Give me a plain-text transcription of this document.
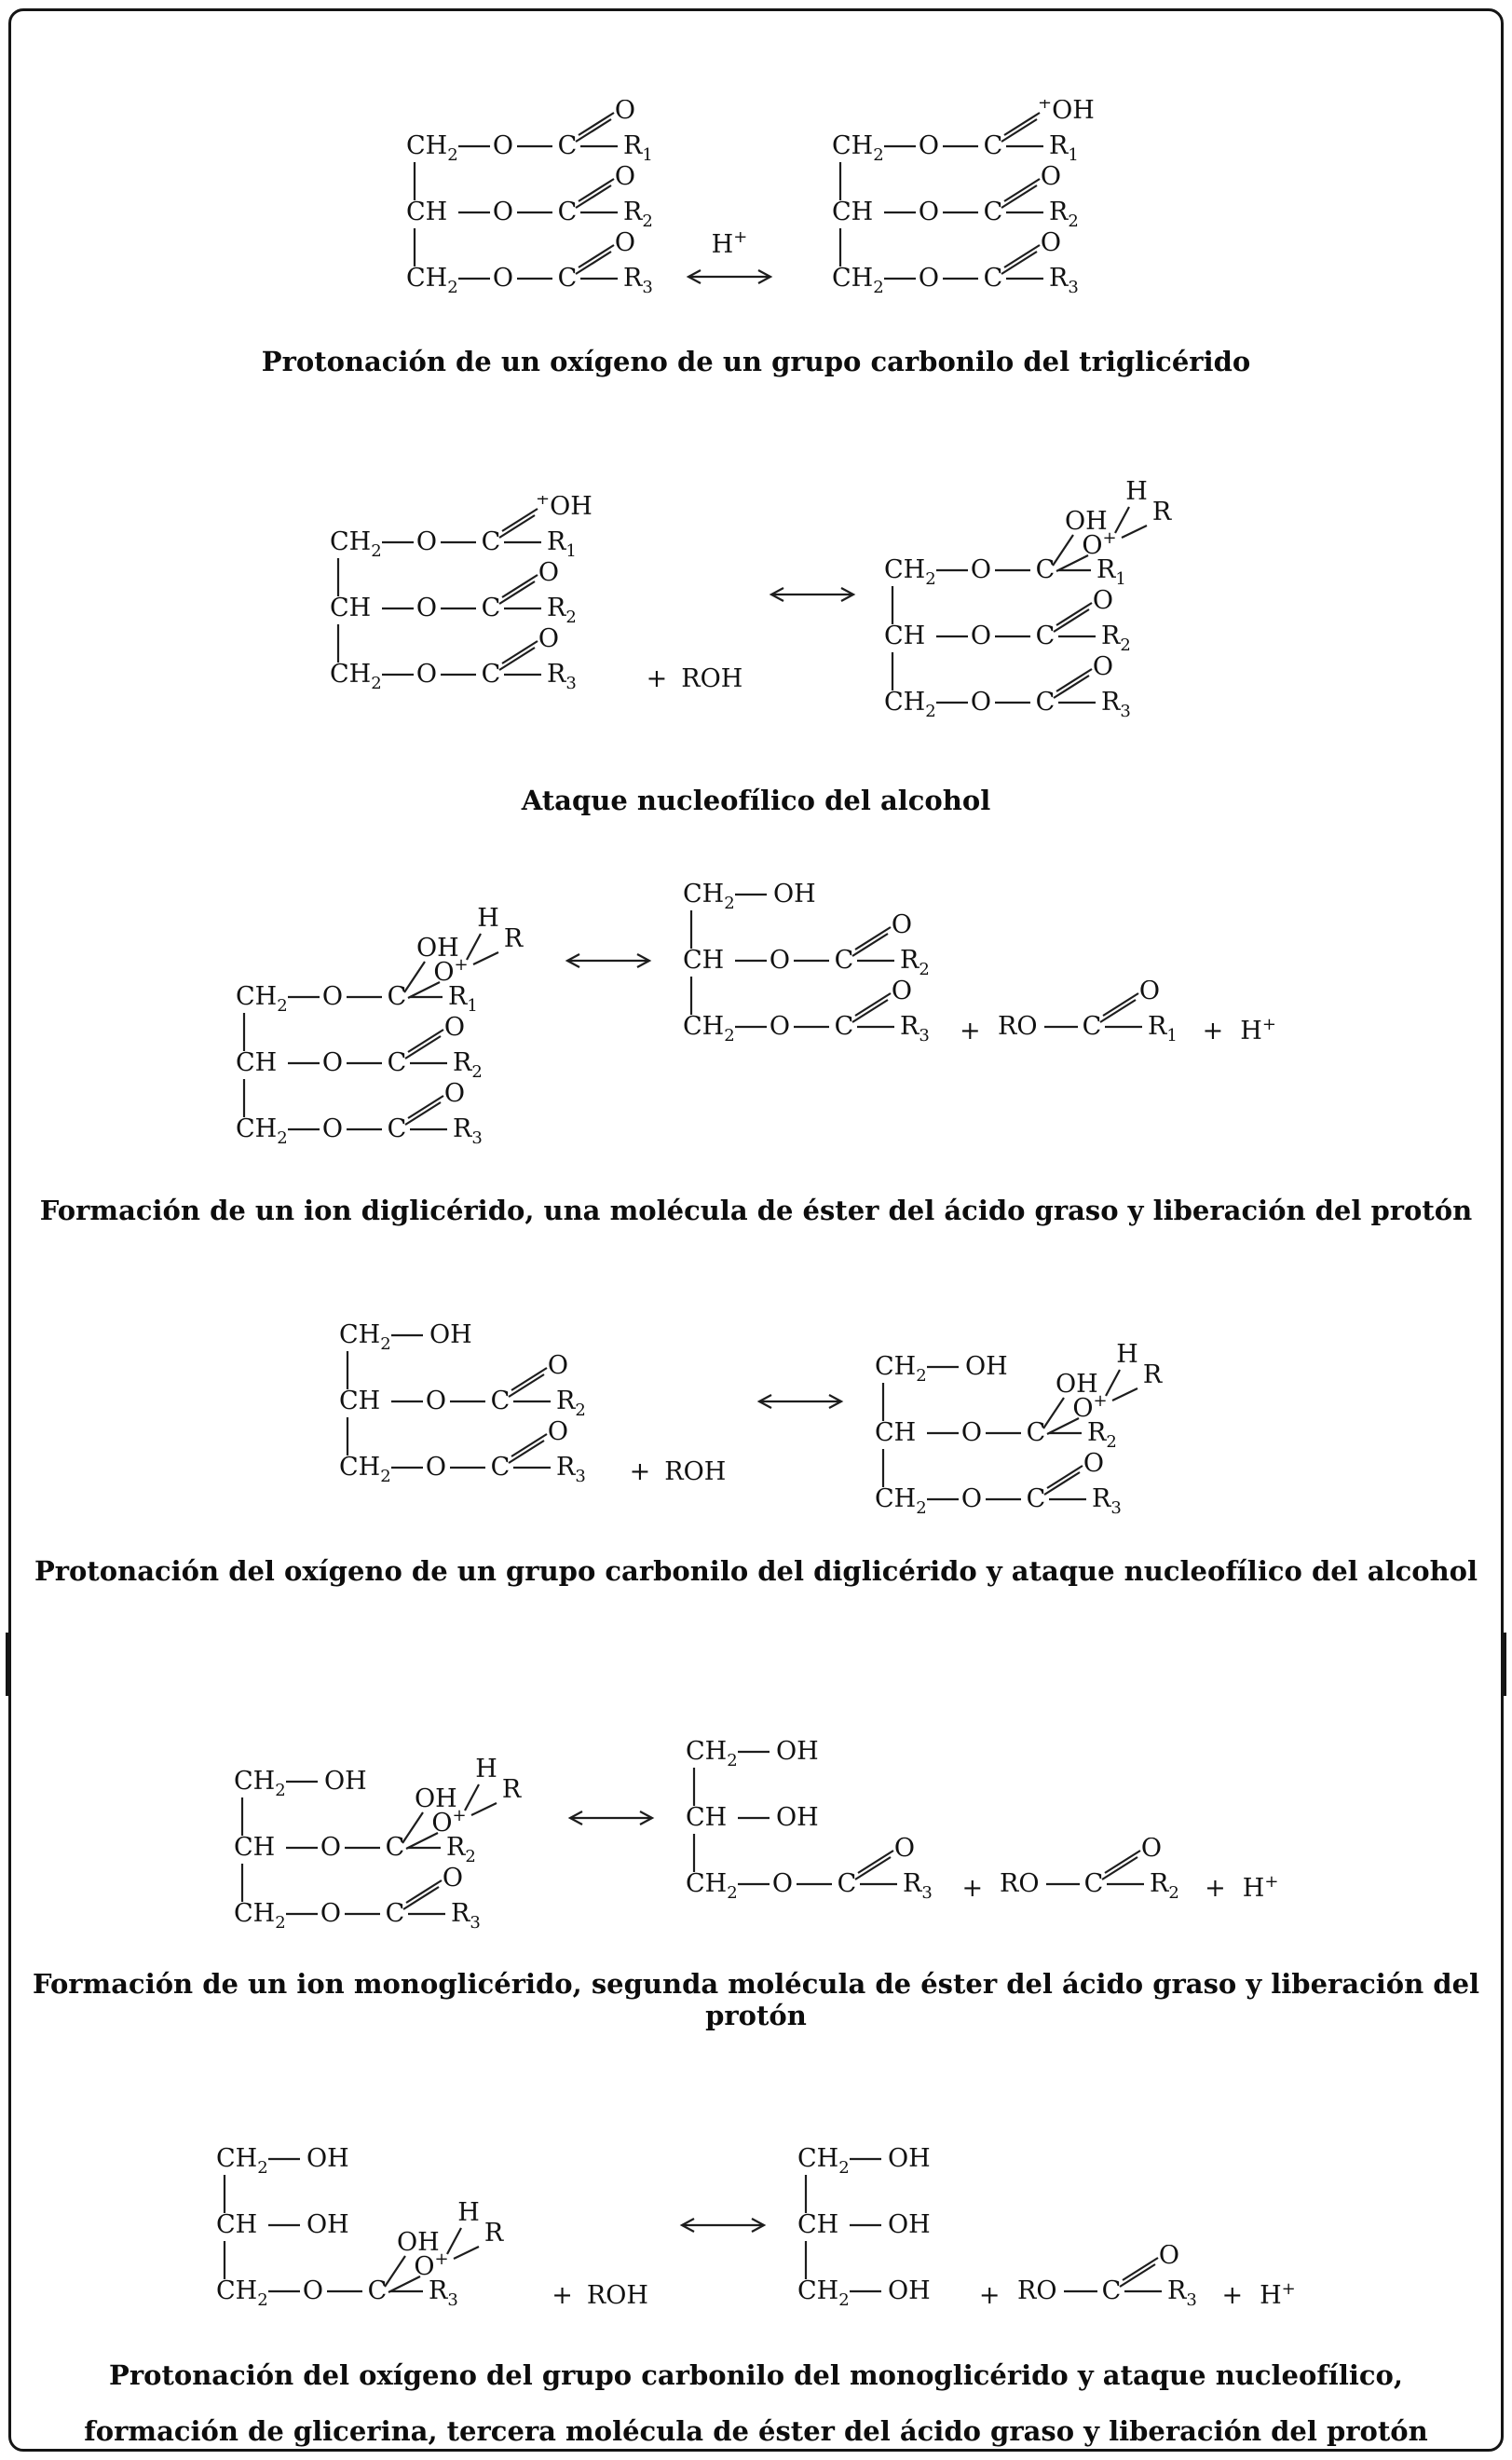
$CH_2$ O C $R_1$
O
CH O C $R_2$
O
$CH_2$ O C $R_3$
O	H+
$CH_2$ O C $R_1$
+OH
CH O C $R_2$
O
$CH_2$ O C $R_3$
O
Protonación de un oxígeno de un grupo carbonilo del triglicérido
$CH_2$ O C $R_1$
+OH
CH O C $R_2$
O
$CH_2$ O C $R_3$
O
+ ROH
$CH_2$ O C $R_1$
OH
O+
H
R
CH O C $R_2$
O
$CH_2$ O C $R_3$
O
Ataque nucleofílico del alcohol
$CH_2$ O C $R_1$
OH
O+
H
R
CH O C $R_2$
O
$CH_2$ O C $R_3$
O
$CH_2$ OH
CH O C $R_2$
O
$CH_2$ O C $R_3$
O
+ RO C $R_1$
O
+ H+
Formación de un ion diglicérido, una molécula de éster del ácido graso y liberación del protón
$CH_2$ OH
CH O C $R_2$
O
$CH_2$ O C $R_3$
O
+ ROH
$CH_2$ OH
CH O C $R_2$
OH
O+
H
R
$CH_2$ O C $R_3$
O
Protonación del oxígeno de un grupo carbonilo del diglicérido y ataque nucleofílico del alcohol
$CH_2$ OH
CH O C $R_2$
OH
O+
H
R
$CH_2$ O C $R_3$
O
$CH_2$ OH
CH OH
$CH_2$ O C $R_3$
O
+ RO C $R_2$
O
+ H+
Formación de un ion monoglicérido, segunda molécula de éster del ácido graso y liberación del protón
$CH_2$ OH
CH OH
$CH_2$ O C $R_3$
OH
O+
H
R
+ ROH
$CH_2$ OH
CH OH
$CH_2$ OH + RO C $R_3$
O
+ H+
Protonación del oxígeno del grupo carbonilo del monoglicérido y ataque nucleofílico,
formación de glicerina, tercera molécula de éster del ácido graso y liberación del protón
